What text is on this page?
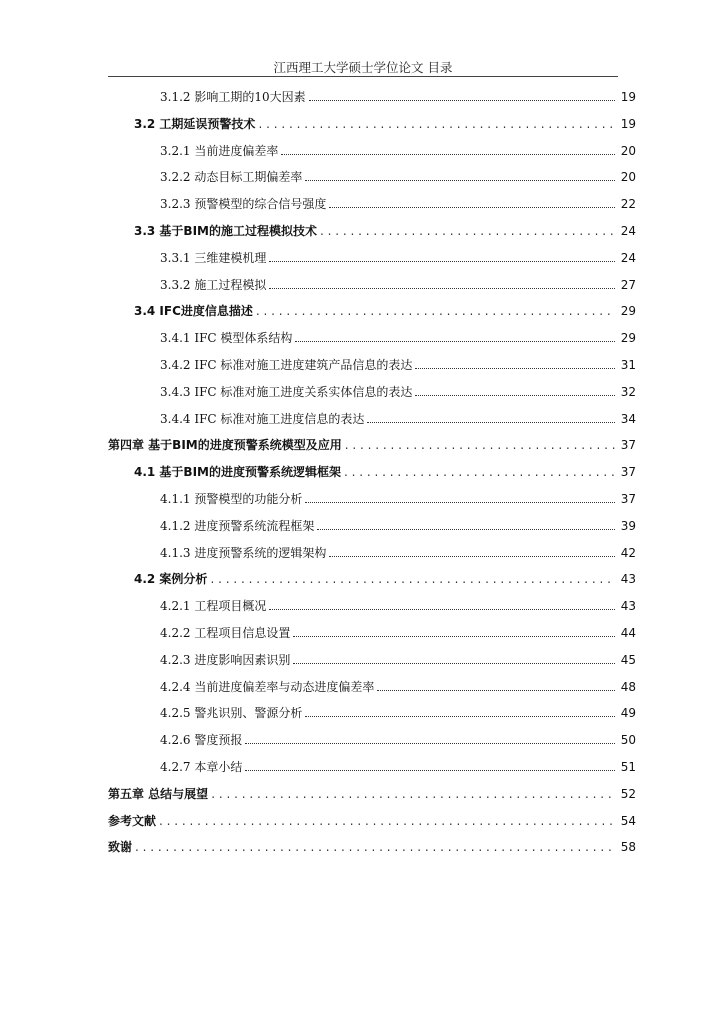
江西理工大学硕士学位论文 目录
3.1.2 影响工期的10大因素	19
3.2 工期延误预警技术 . . .	19
3.2.1 当前进度偏差率	20
3.2.2 动态目标工期偏差率	20
3.2.3 预警模型的综合信号强度	22
3.3 基于BIM的施工过程模拟技术 . . .	24
3.3.1 三维建模机理	24
3.3.2 施工过程模拟	27
3.4 IFC进度信息描述 . . .	29
3.4.1 IFC 模型体系结构	29
3.4.2 IFC 标准对施工进度建筑产品信息的表达	31
3.4.3 IFC 标准对施工进度关系实体信息的表达	32
3.4.4 IFC 标准对施工进度信息的表达	34
第四章 基于BIM的进度预警系统模型及应用 . . .	37
4.1 基于BIM的进度预警系统逻辑框架 . . .	37
4.1.1 预警模型的功能分析	37
4.1.2 进度预警系统流程框架	39
4.1.3 进度预警系统的逻辑架构	42
4.2 案例分析 . . .	43
4.2.1 工程项目概况	43
4.2.2 工程项目信息设置	44
4.2.3 进度影响因素识别	45
4.2.4 当前进度偏差率与动态进度偏差率	48
4.2.5 警兆识别、警源分析	49
4.2.6 警度预报	50
4.2.7 本章小结	51
第五章 总结与展望 . . .	52
参考文献 . . .	54
致谢 . . .	58
